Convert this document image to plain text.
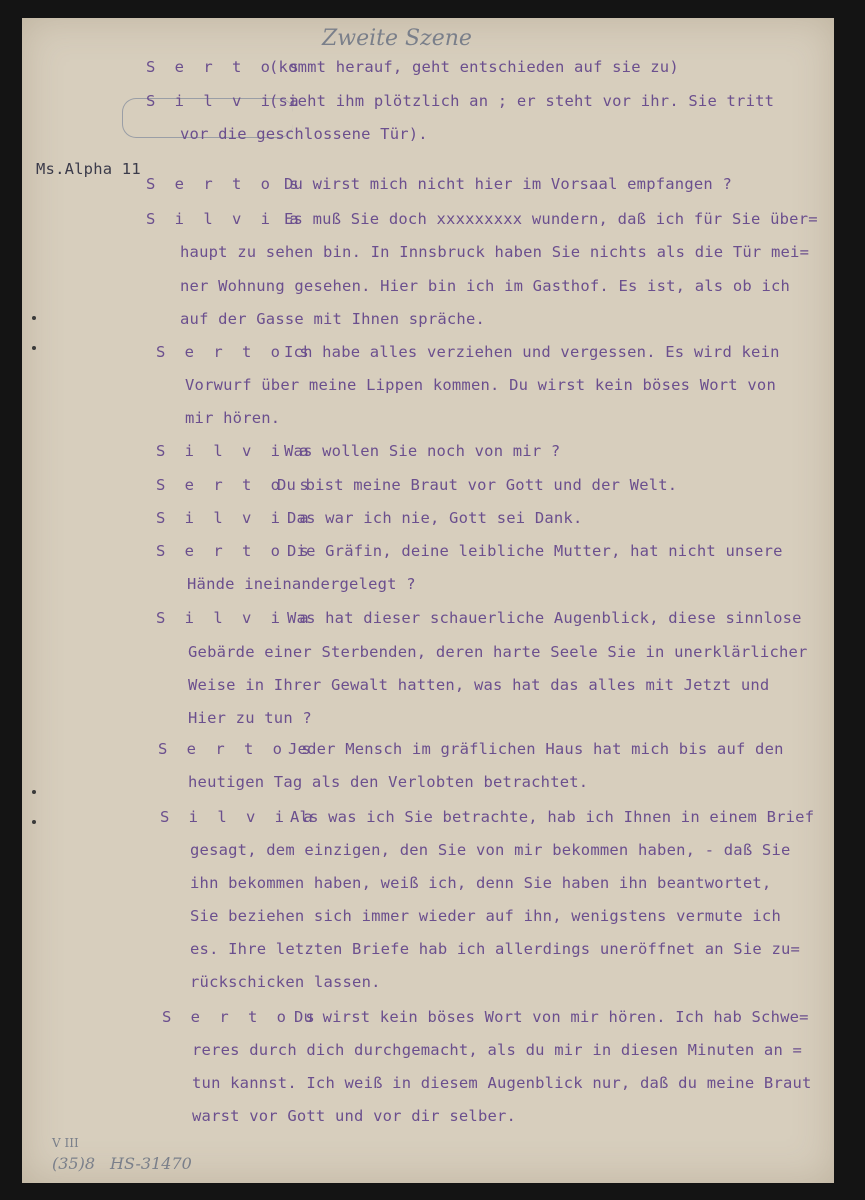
Zweite Szene
Ms.Alpha 11
S e r t o s
(kommt herauf, geht entschieden auf sie zu)
S i l v i a
(sieht ihm plötzlich an ; er steht vor ihr. Sie tritt
vor die geschlossene Tür).
S e r t o s
Du wirst mich nicht hier im Vorsaal empfangen ?
S i l v i a
Es muß Sie doch xxxxxxxxx wundern, daß ich für Sie über=
haupt zu sehen bin. In Innsbruck haben Sie nichts als die Tür mei=
ner Wohnung gesehen. Hier bin ich im Gasthof. Es ist, als ob ich
auf der Gasse mit Ihnen spräche.
S e r t o s
Ich habe alles verziehen und vergessen. Es wird kein
Vorwurf über meine Lippen kommen. Du wirst kein böses Wort von
mir hören.
S i l v i a
Was wollen Sie noch von mir ?
S e r t o s
Du bist meine Braut vor Gott und der Welt.
S i l v i a
Das war ich nie, Gott sei Dank.
S e r t o s
Die Gräfin, deine leibliche Mutter, hat nicht unsere
Hände ineinandergelegt ?
S i l v i a
Was hat dieser schauerliche Augenblick, diese sinnlose
Gebärde einer Sterbenden, deren harte Seele Sie in unerklärlicher
Weise in Ihrer Gewalt hatten, was hat das alles mit Jetzt und
Hier zu tun ?
S e r t o s
Jeder Mensch im gräflichen Haus hat mich bis auf den
heutigen Tag als den Verlobten betrachtet.
S i l v i a
Als was ich Sie betrachte, hab ich Ihnen in einem Brief
gesagt, dem einzigen, den Sie von mir bekommen haben, - daß Sie
ihn bekommen haben, weiß ich, denn Sie haben ihn beantwortet,
Sie beziehen sich immer wieder auf ihn, wenigstens vermute ich
es. Ihre letzten Briefe hab ich allerdings uneröffnet an Sie zu=
rückschicken lassen.
S e r t o s
Du wirst kein böses Wort von mir hören. Ich hab Schwe=
reres durch dich durchgemacht, als du mir in diesen Minuten an =
tun kannst. Ich weiß in diesem Augenblick nur, daß du meine Braut
warst vor Gott und vor dir selber.
V III
(35)8 HS-31470
